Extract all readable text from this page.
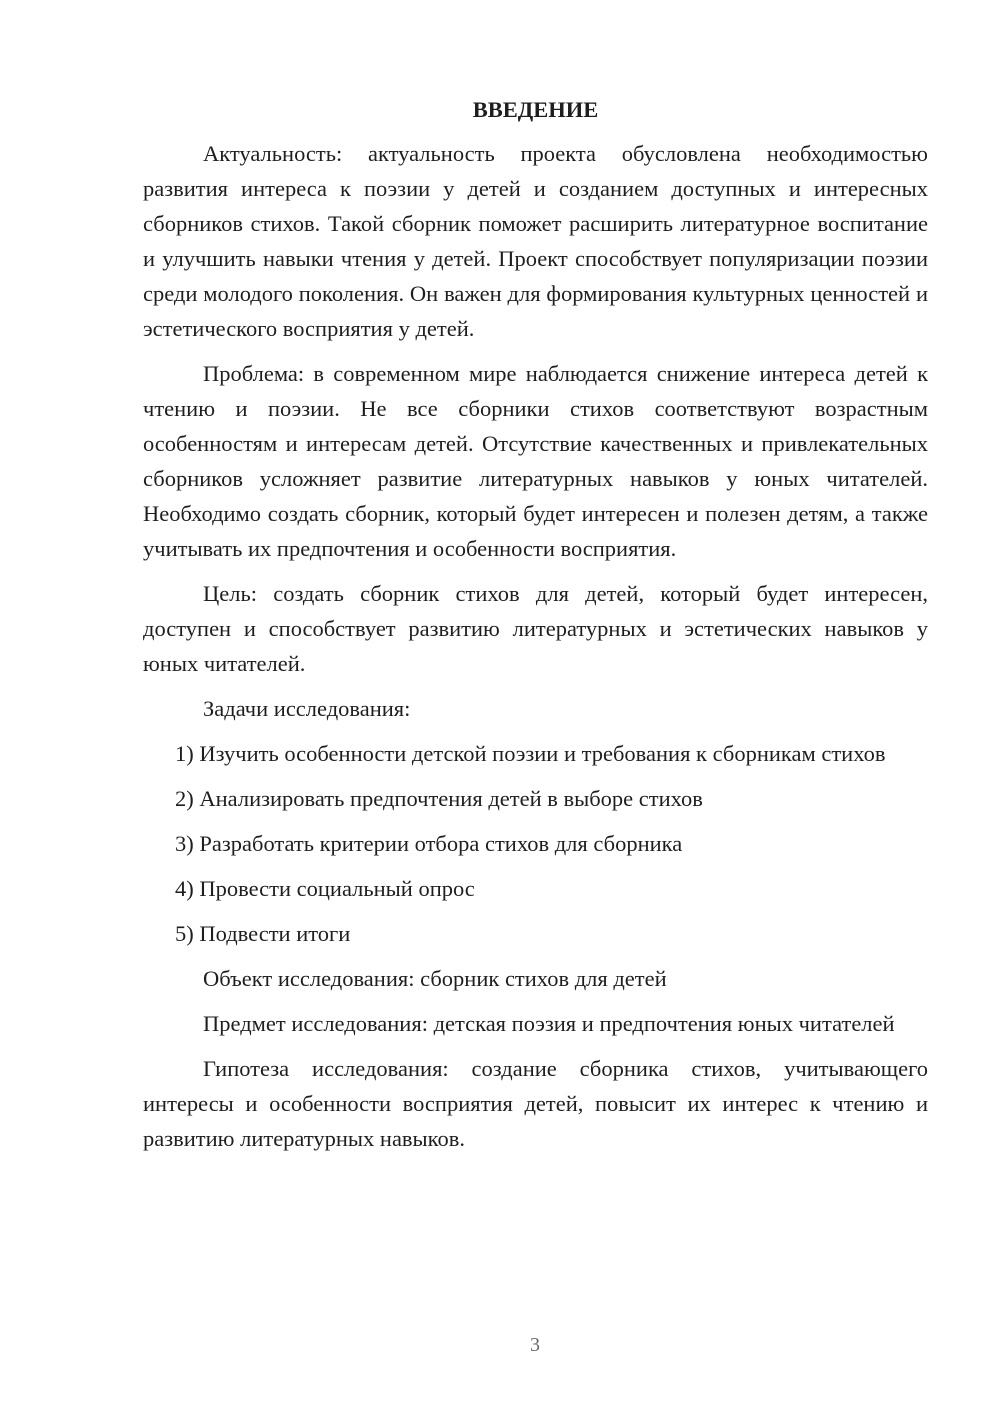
ВВЕДЕНИЕ

Актуальность: актуальность проекта обусловлена необходимостью развития интереса к поэзии у детей и созданием доступных и интересных сборников стихов. Такой сборник поможет расширить литературное воспитание и улучшить навыки чтения у детей. Проект способствует популяризации поэзии среди молодого поколения. Он важен для формирования культурных ценностей и эстетического восприятия у детей.

Проблема: в современном мире наблюдается снижение интереса детей к чтению и поэзии. Не все сборники стихов соответствуют возрастным особенностям и интересам детей. Отсутствие качественных и привлекательных сборников усложняет развитие литературных навыков у юных читателей. Необходимо создать сборник, который будет интересен и полезен детям, а также учитывать их предпочтения и особенности восприятия.

Цель: создать сборник стихов для детей, который будет интересен, доступен и способствует развитию литературных и эстетических навыков у юных читателей.

Задачи исследования:

1) Изучить особенности детской поэзии и требования к сборникам стихов

2) Анализировать предпочтения детей в выборе стихов

3) Разработать критерии отбора стихов для сборника

4) Провести социальный опрос

5) Подвести итоги

Объект исследования: сборник стихов для детей

Предмет исследования: детская поэзия и предпочтения юных читателей

Гипотеза исследования: создание сборника стихов, учитывающего интересы и особенности восприятия детей, повысит их интерес к чтению и развитию литературных навыков.

3
